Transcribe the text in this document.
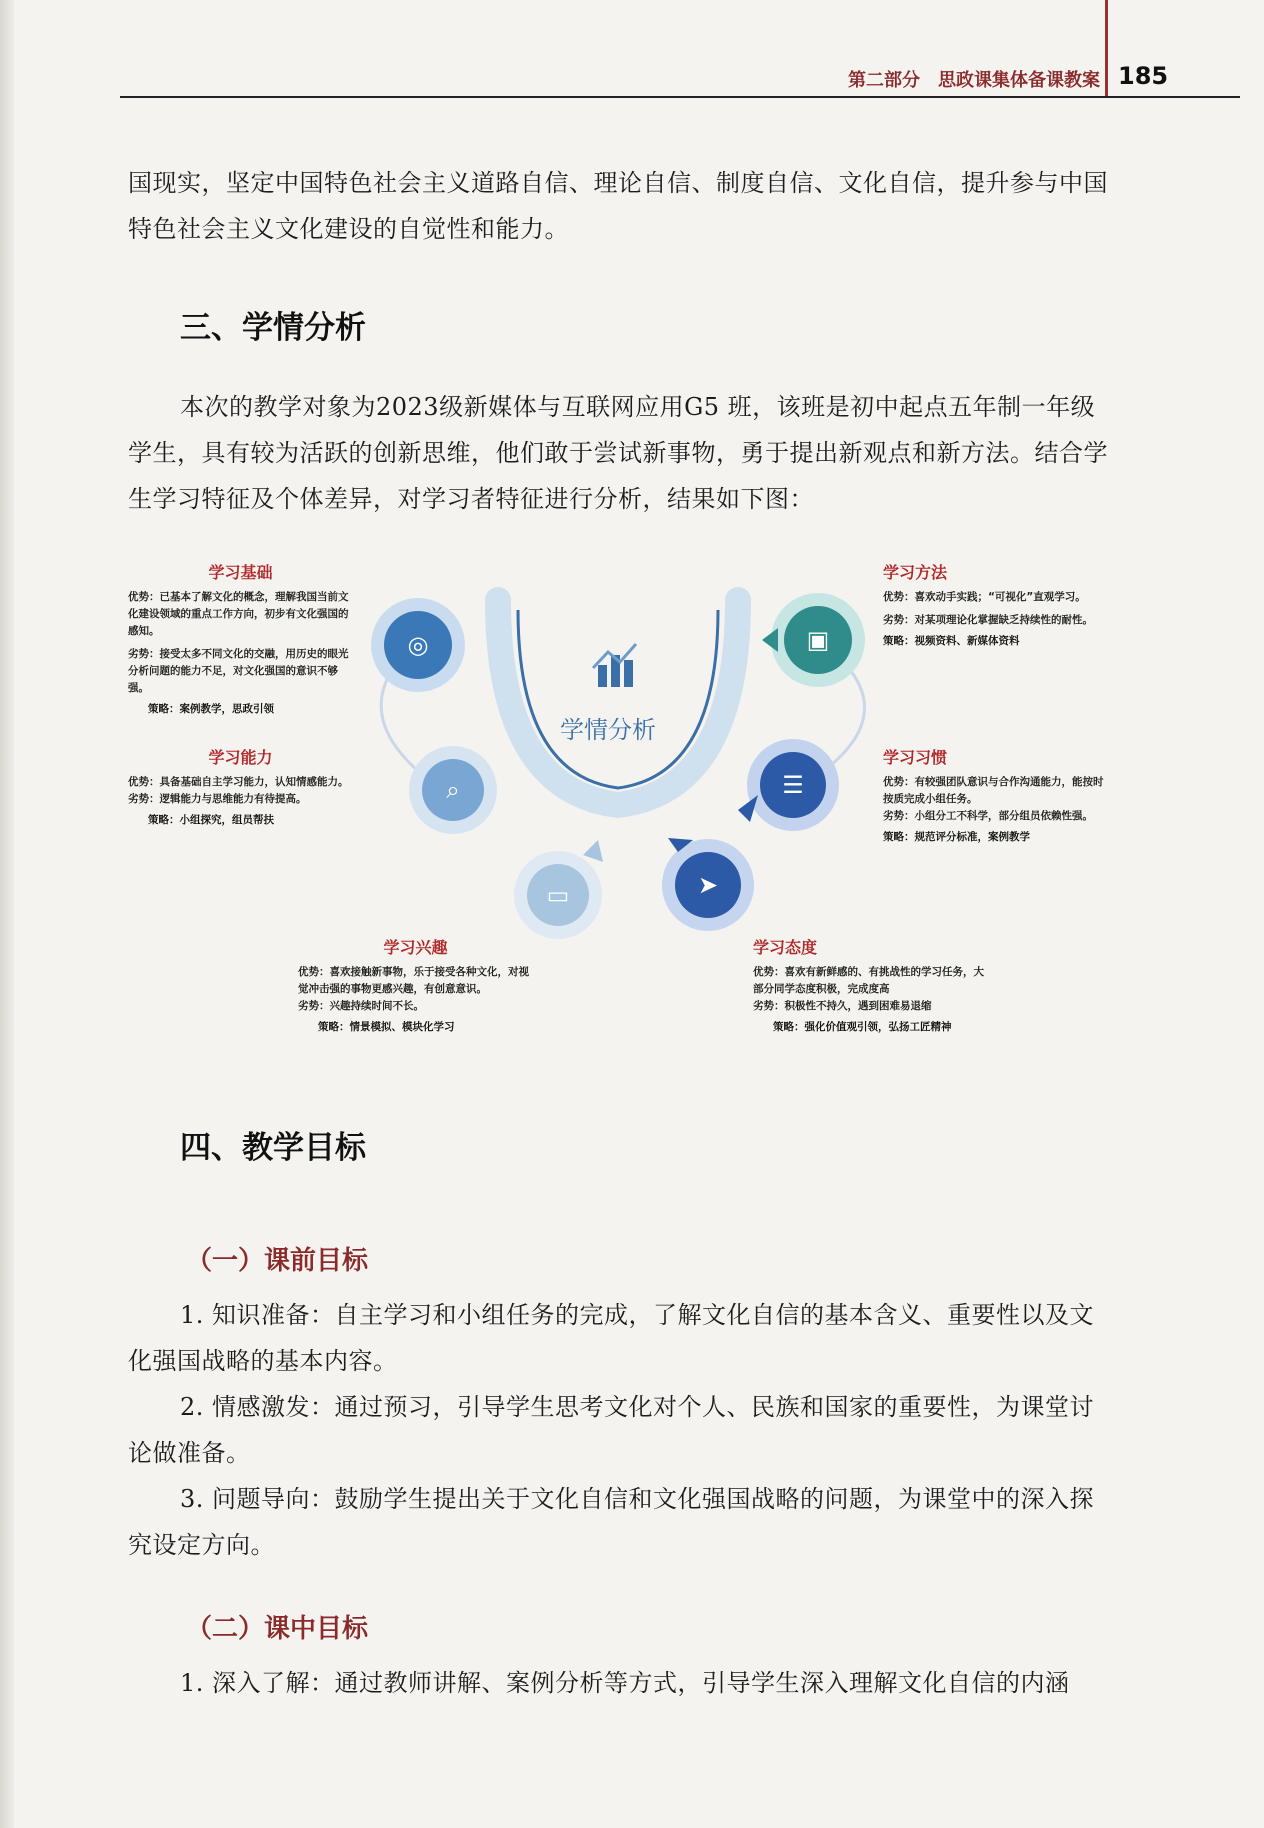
第二部分　思政课集体备课教案 185
国现实，坚定中国特色社会主义道路自信、理论自信、制度自信、文化自信，提升参与中国特色社会主义文化建设的自觉性和能力。
三、学情分析
本次的教学对象为2023级新媒体与互联网应用G5 班，该班是初中起点五年制一年级学生，具有较为活跃的创新思维，他们敢于尝试新事物，勇于提出新观点和新方法。结合学生学习特征及个体差异，对学习者特征进行分析，结果如下图：
学情分析
◎	▣
⌕	☰
▭	➤
学习基础
优势：已基本了解文化的概念，理解我国当前文化建设领域的重点工作方向，初步有文化强国的感知。
劣势：接受太多不同文化的交融，用历史的眼光分析问题的能力不足，对文化强国的意识不够强。
策略：案例教学，思政引领
学习方法
优势：喜欢动手实践；“可视化”直观学习。
劣势：对某项理论化掌握缺乏持续性的耐性。
策略：视频资料、新媒体资料
学习能力
优势：具备基础自主学习能力，认知情感能力。
劣势：逻辑能力与思维能力有待提高。
策略：小组探究，组员帮扶
学习习惯
优势：有较强团队意识与合作沟通能力，能按时按质完成小组任务。
劣势：小组分工不科学，部分组员依赖性强。
策略：规范评分标准，案例教学
学习兴趣
优势：喜欢接触新事物，乐于接受各种文化，对视觉冲击强的事物更感兴趣，有创意意识。
劣势：兴趣持续时间不长。
策略：情景模拟、模块化学习
学习态度
优势：喜欢有新鲜感的、有挑战性的学习任务，大部分同学态度积极，完成度高
劣势：积极性不持久，遇到困难易退缩
策略：强化价值观引领，弘扬工匠精神
四、教学目标
（一）课前目标
1. 知识准备：自主学习和小组任务的完成，了解文化自信的基本含义、重要性以及文化强国战略的基本内容。
2. 情感激发：通过预习，引导学生思考文化对个人、民族和国家的重要性，为课堂讨论做准备。
3. 问题导向：鼓励学生提出关于文化自信和文化强国战略的问题，为课堂中的深入探究设定方向。
（二）课中目标
1. 深入了解：通过教师讲解、案例分析等方式，引导学生深入理解文化自信的内涵
